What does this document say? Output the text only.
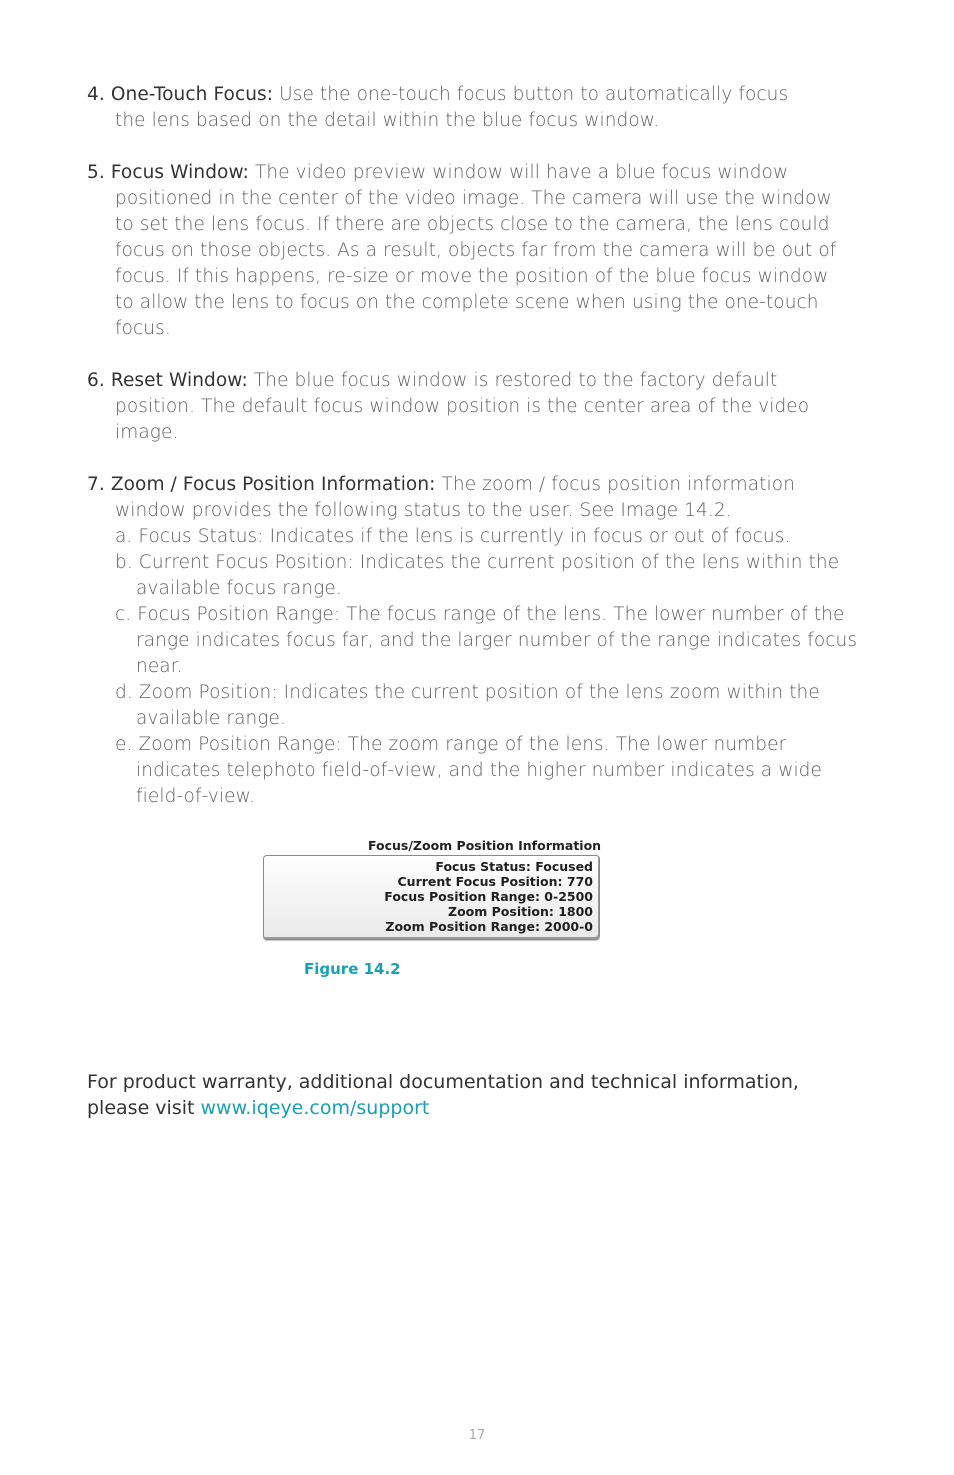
4. One-Touch Focus: Use the one-touch focus button to automatically focus
the lens based on the detail within the blue focus window.
5. Focus Window: The video preview window will have a blue focus window
positioned in the center of the video image. The camera will use the window
to set the lens focus. If there are objects close to the camera, the lens could
focus on those objects. As a result, objects far from the camera will be out of
focus. If this happens, re-size or move the position of the blue focus window
to allow the lens to focus on the complete scene when using the one-touch
focus.
6. Reset Window: The blue focus window is restored to the factory default
position. The default focus window position is the center area of the video
image.
7. Zoom / Focus Position Information: The zoom / focus position information
window provides the following status to the user. See Image 14.2.
a. Focus Status: Indicates if the lens is currently in focus or out of focus.
b. Current Focus Position: Indicates the current position of the lens within the
available focus range.
c. Focus Position Range: The focus range of the lens. The lower number of the
range indicates focus far, and the larger number of the range indicates focus
near.
d. Zoom Position: Indicates the current position of the lens zoom within the
available range.
e. Zoom Position Range: The zoom range of the lens. The lower number
indicates telephoto field-of-view, and the higher number indicates a wide
field-of-view.
Focus/Zoom Position Information
Focus Status: Focused
Current Focus Position: 770
Focus Position Range: 0-2500
Zoom Position: 1800
Zoom Position Range: 2000-0
Figure 14.2
For product warranty, additional documentation and technical information,
please visit www.iqeye.com/support
17
